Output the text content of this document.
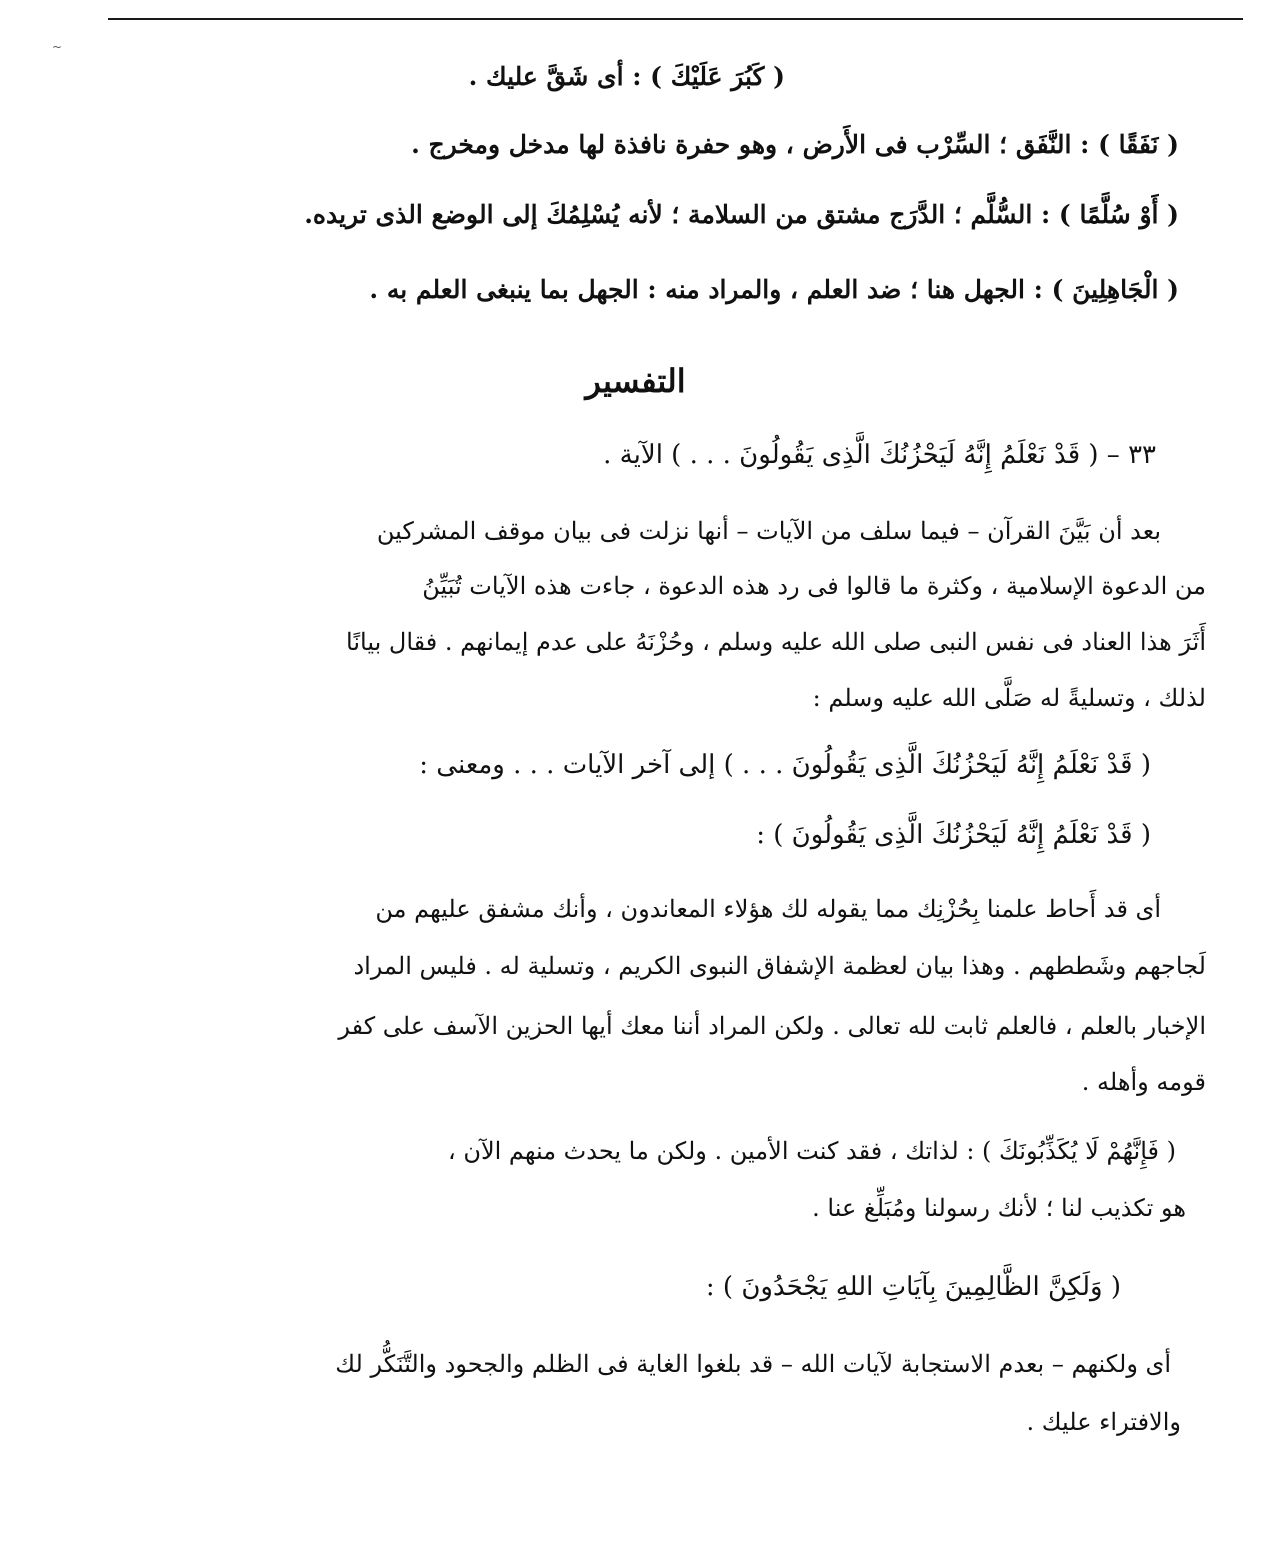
~
( كَبُرَ عَلَيْكَ ) : أى شَقَّ عليك .
( نَفَقًا ) : النَّفَق ؛ السِّرْب فى الأَرض ، وهو حفرة نافذة لها مدخل ومخرج .
( أَوْ سُلَّمًا ) : السُّلَّم ؛ الدَّرَج مشتق من السلامة ؛ لأنه يُسْلِمُكَ إلى الوضع الذى تريده.
( الْجَاهِلِينَ ) : الجهل هنا ؛ ضد العلم ، والمراد منه : الجهل بما ينبغى العلم به .
التفسير
٣٣ – ( قَدْ نَعْلَمُ إِنَّهُ لَيَحْزُنُكَ الَّذِى يَقُولُونَ . . . ) الآية .
بعد أن بَيَّنَ القرآن – فيما سلف من الآيات – أنها نزلت فى بيان موقف المشركين
من الدعوة الإسلامية ، وكثرة ما قالوا فى رد هذه الدعوة ، جاءت هذه الآيات تُبَيِّنُ
أَثَرَ هذا العناد فى نفس النبى صلى الله عليه وسلم ، وحُزْنَهُ على عدم إيمانهم . فقال بيانًا
لذلك ، وتسليةً له صَلَّى الله عليه وسلم :
( قَدْ نَعْلَمُ إِنَّهُ لَيَحْزُنُكَ الَّذِى يَقُولُونَ . . . ) إلى آخر الآيات . . . ومعنى :
( قَدْ نَعْلَمُ إِنَّهُ لَيَحْزُنُكَ الَّذِى يَقُولُونَ ) :
أى قد أَحاط علمنا بِحُزْنِك مما يقوله لك هؤلاء المعاندون ، وأنك مشفق عليهم من
لَجاجهم وشَططهم . وهذا بيان لعظمة الإشفاق النبوى الكريم ، وتسلية له . فليس المراد
الإخبار بالعلم ، فالعلم ثابت لله تعالى . ولكن المراد أننا معك أيها الحزين الآسف على كفر
قومه وأهله .
( فَإِنَّهُمْ لَا يُكَذِّبُونَكَ ) : لذاتك ، فقد كنت الأمين . ولكن ما يحدث منهم الآن ،
هو تكذيب لنا ؛ لأنك رسولنا ومُبَلِّغ عنا .
( وَلَكِنَّ الظَّالِمِينَ بِآيَاتِ اللهِ يَجْحَدُونَ ) :
أى ولكنهم – بعدم الاستجابة لآيات الله – قد بلغوا الغاية فى الظلم والجحود والتَّنَكُّر لك
والافتراء عليك .
